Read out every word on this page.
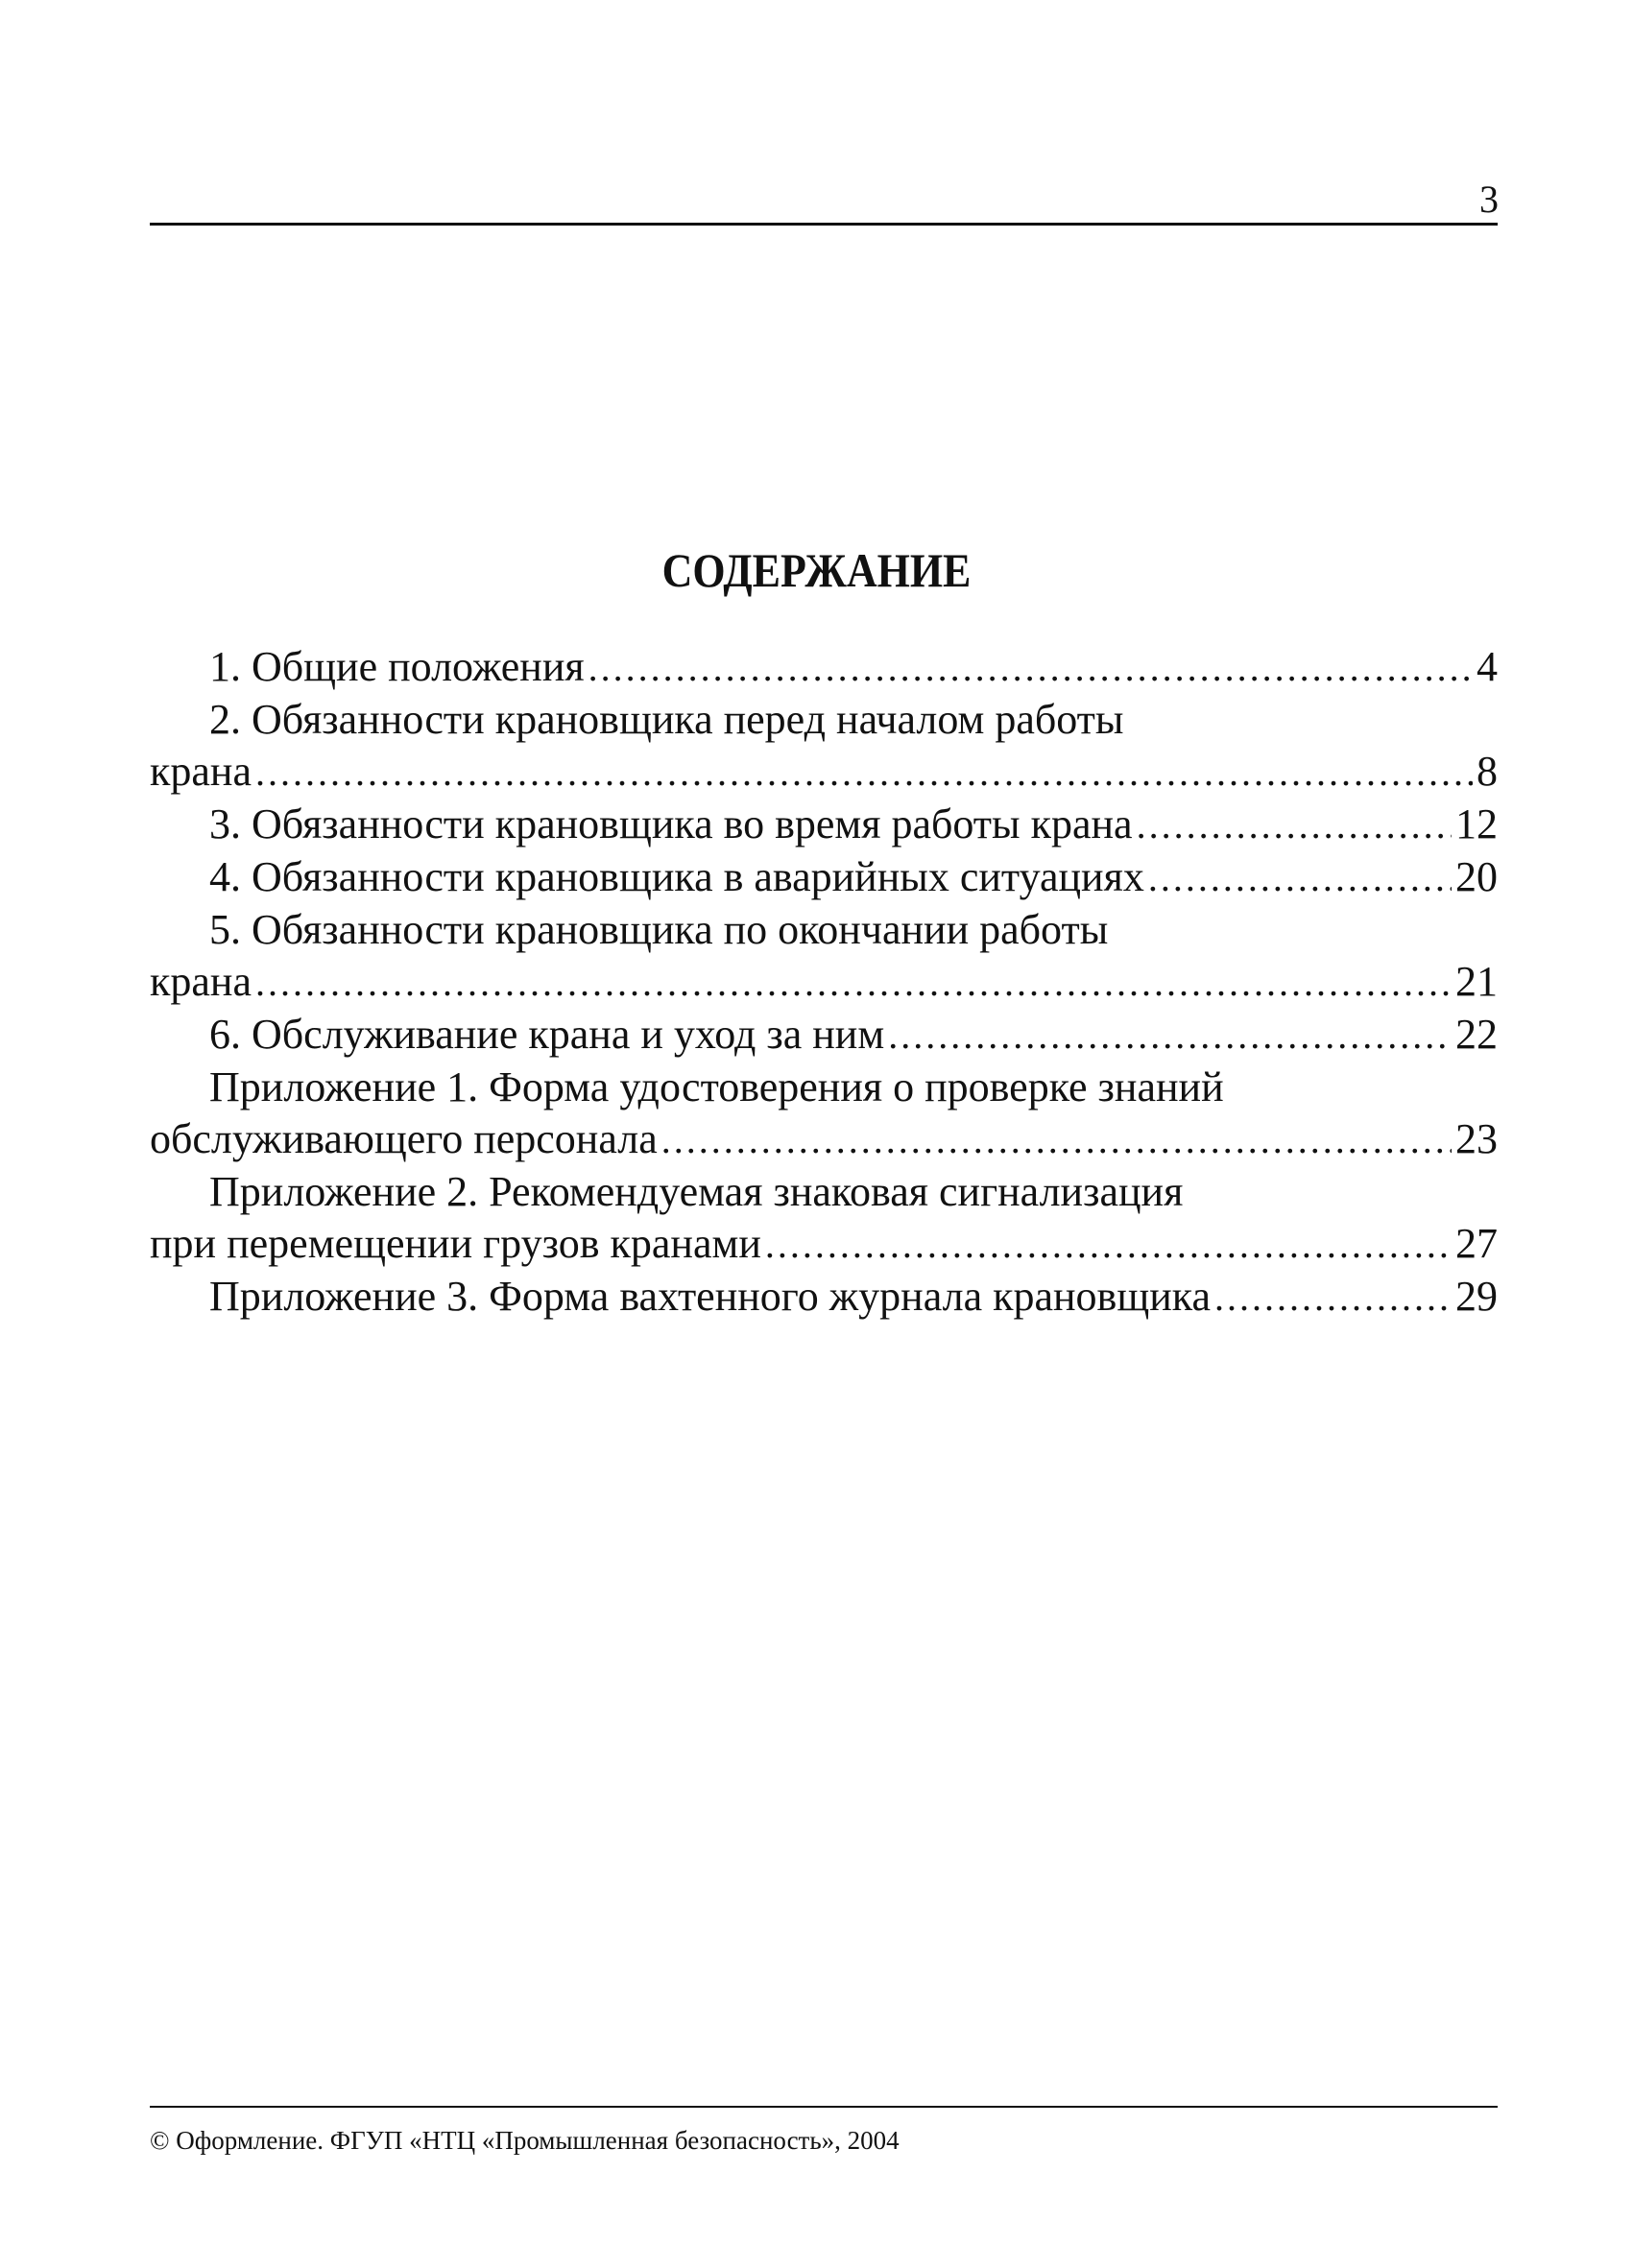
3
СОДЕРЖАНИЕ
1. Общие положения .....	4
2. Обязанности крановщика перед началом работы
крана .....	8
3. Обязанности крановщика во время работы крана .....	12
4. Обязанности крановщика в аварийных ситуациях .....	20
5. Обязанности крановщика по окончании работы
крана .....	21
6. Обслуживание крана и уход за ним .....	22
Приложение 1. Форма удостоверения о проверке знаний
обслуживающего персонала .....	23
Приложение 2. Рекомендуемая знаковая сигнализация
при перемещении грузов кранами .....	27
Приложение 3. Форма вахтенного журнала крановщика .....	29
© Оформление. ФГУП «НТЦ «Промышленная безопасность», 2004
